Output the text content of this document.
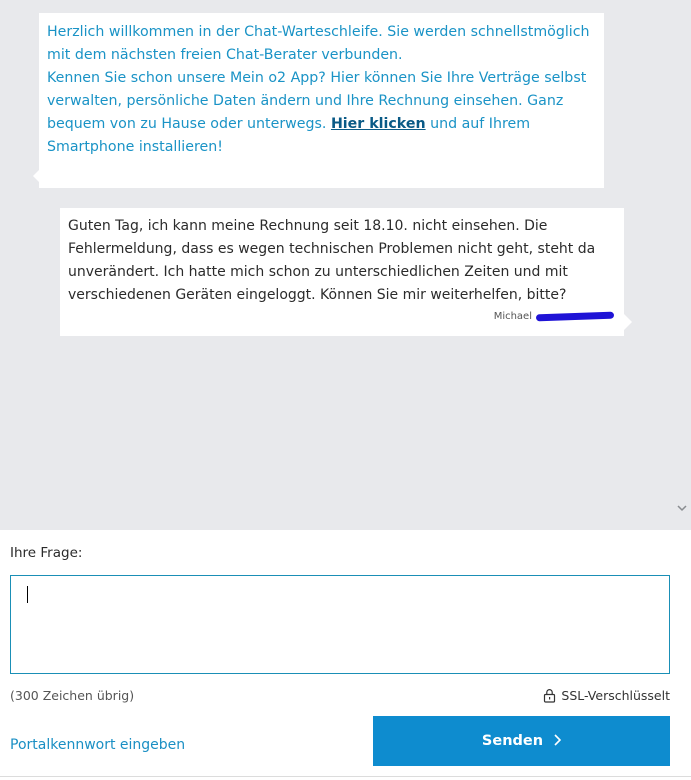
Herzlich willkommen in der Chat-Warteschleife. Sie werden schnellstmöglich mit dem nächsten freien Chat-Berater verbunden.
Kennen Sie schon unsere Mein o2 App? Hier können Sie Ihre Verträge selbst verwalten, persönliche Daten ändern und Ihre Rechnung einsehen. Ganz bequem von zu Hause oder unterwegs. Hier klicken und auf Ihrem Smartphone installieren!

Guten Tag, ich kann meine Rechnung seit 18.10. nicht einsehen. Die Fehlermeldung, dass es wegen technischen Problemen nicht geht, steht da unverändert. Ich hatte mich schon zu unterschiedlichen Zeiten und mit verschiedenen Geräten eingeloggt. Können Sie mir weiterhelfen, bitte?
Michael
Ihre Frage:
(300 Zeichen übrig)	SSL-Verschlüsselt
Portalkennwort eingeben	Senden
